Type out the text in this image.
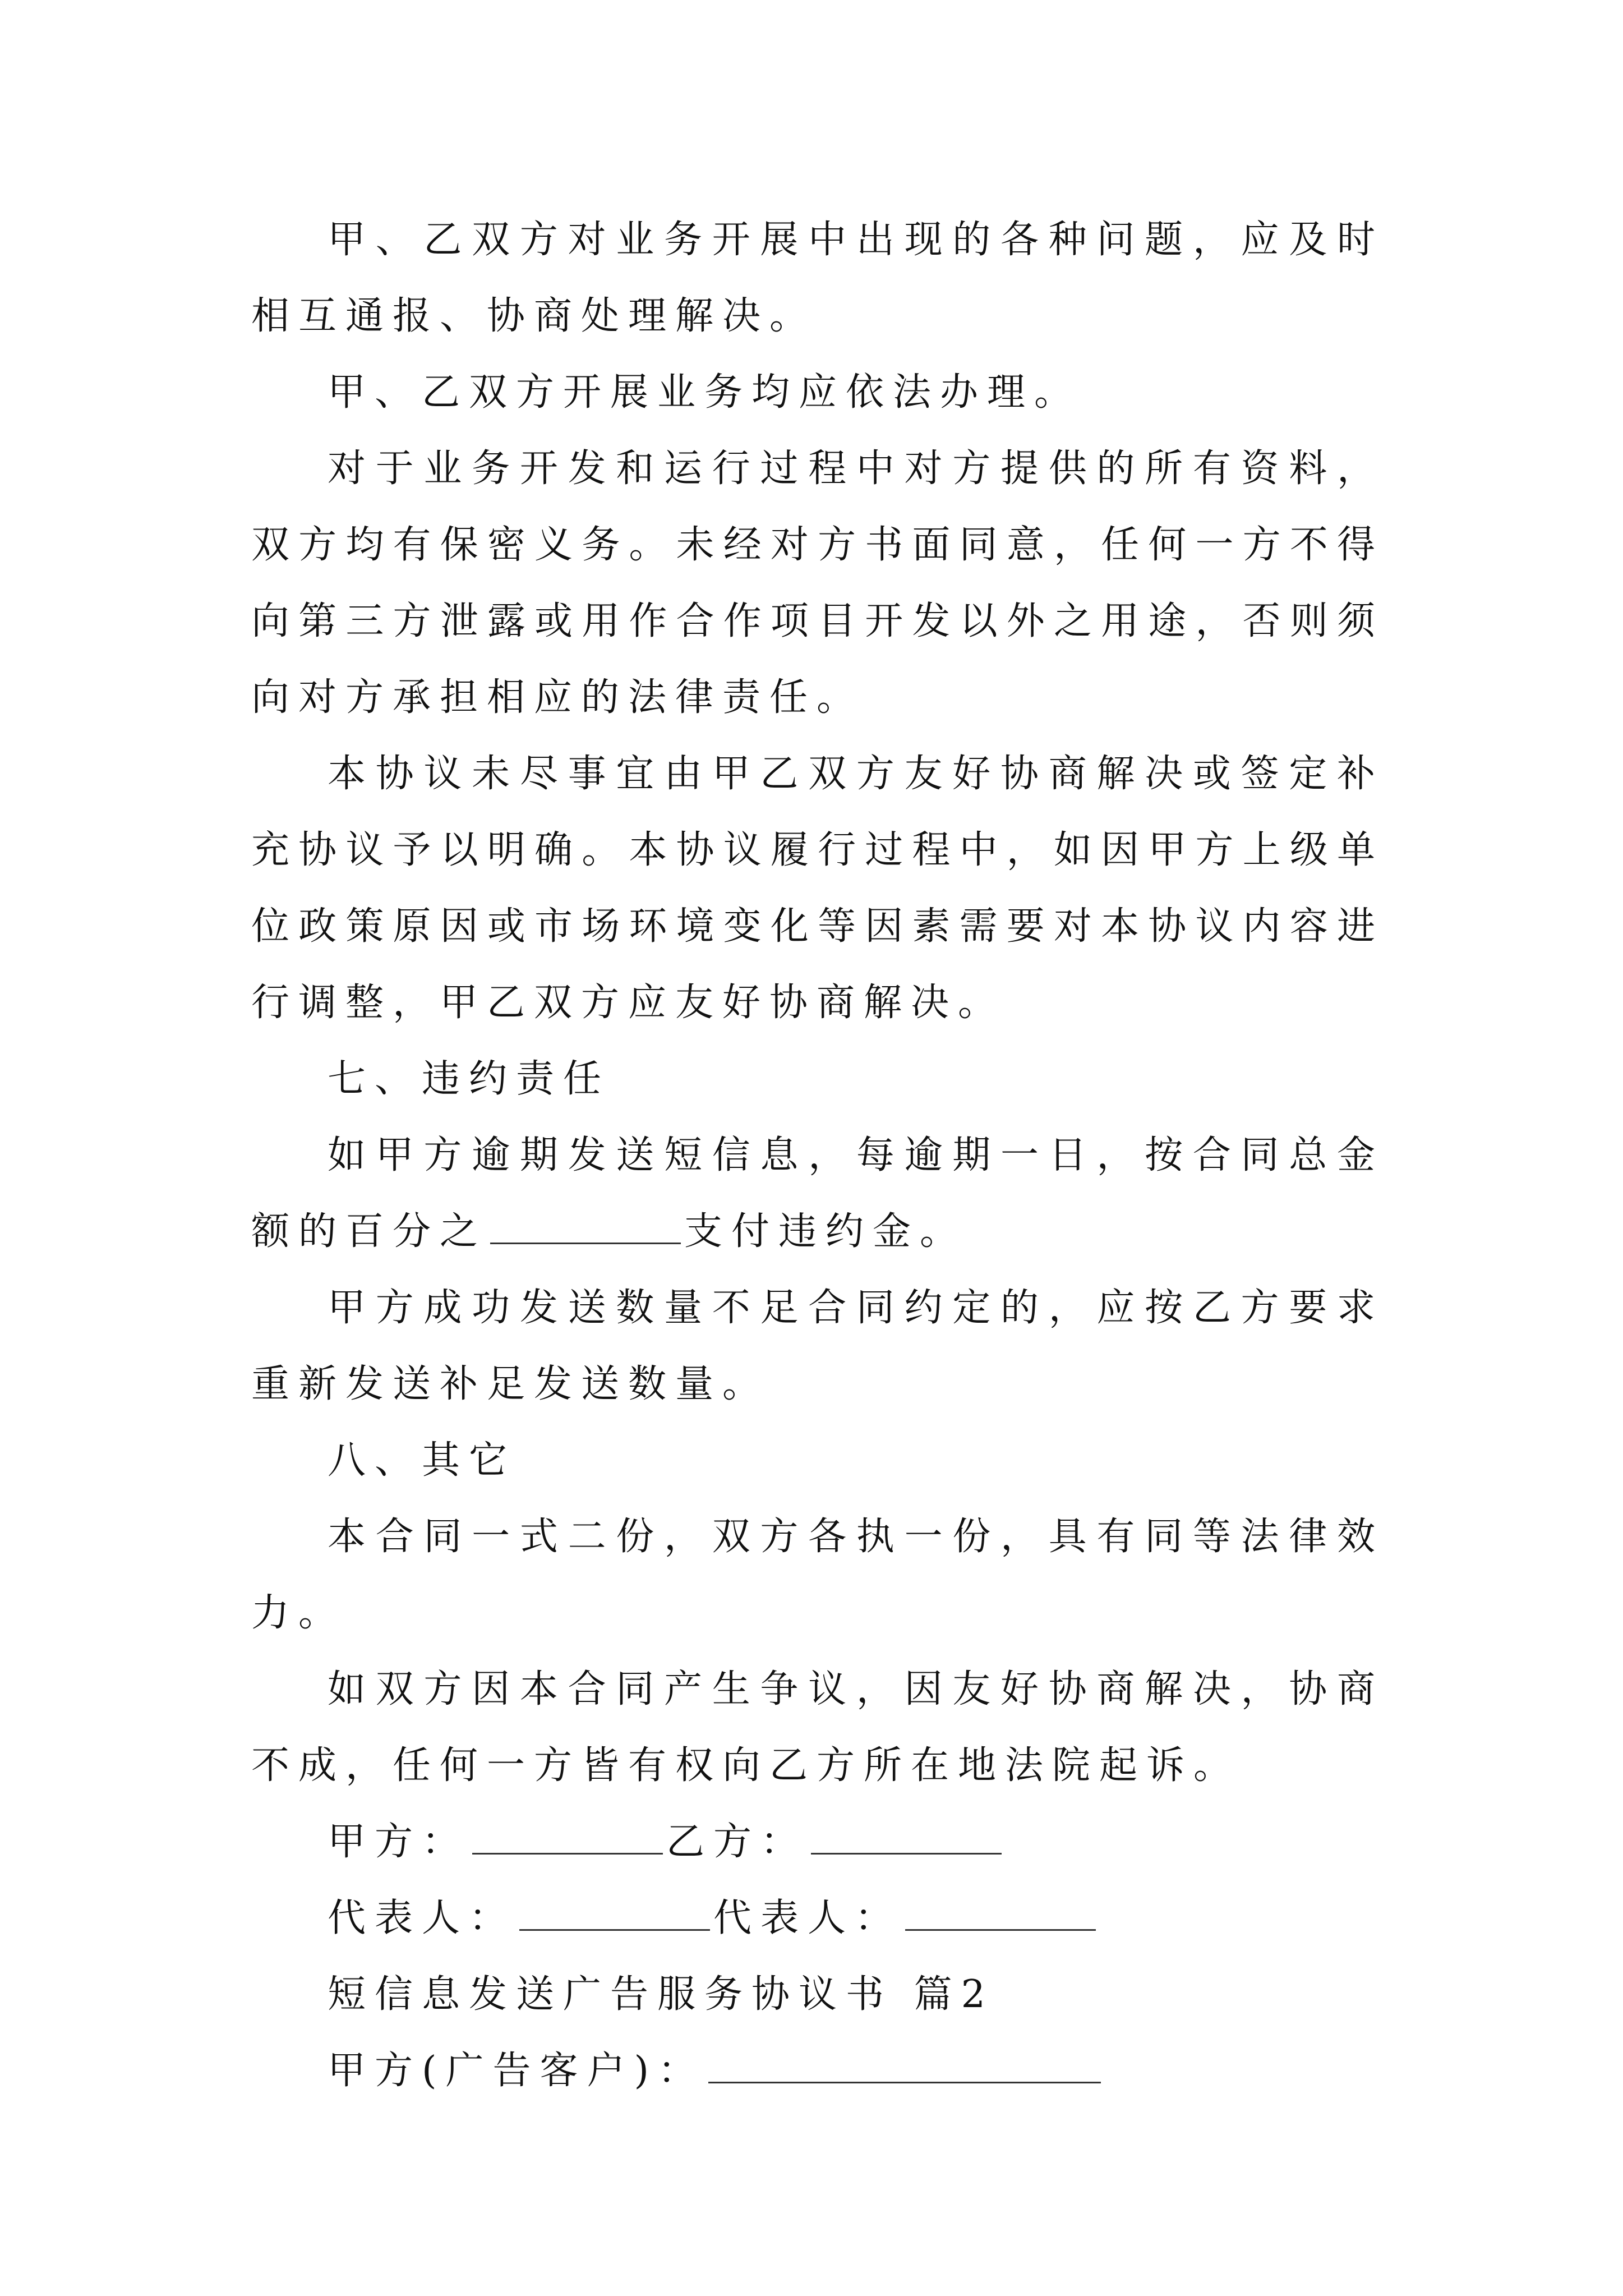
甲、乙双方对业务开展中出现的各种问题，应及时相互通报、协商处理解决。

甲、乙双方开展业务均应依法办理。

对于业务开发和运行过程中对方提供的所有资料，双方均有保密义务。未经对方书面同意，任何一方不得向第三方泄露或用作合作项目开发以外之用途，否则须向对方承担相应的法律责任。

本协议未尽事宜由甲乙双方友好协商解决或签定补充协议予以明确。本协议履行过程中，如因甲方上级单位政策原因或市场环境变化等因素需要对本协议内容进行调整，甲乙双方应友好协商解决。

七、违约责任

如甲方逾期发送短信息，每逾期一日，按合同总金额的百分之	支付违约金。

甲方成功发送数量不足合同约定的，应按乙方要求重新发送补足发送数量。

八、其它

本合同一式二份，双方各执一份，具有同等法律效力。

如双方因本合同产生争议，因友好协商解决，协商不成，任何一方皆有权向乙方所在地法院起诉。

甲方：	乙方：

代表人：	代表人：

短信息发送广告服务协议书 篇2

甲方(广告客户)：
